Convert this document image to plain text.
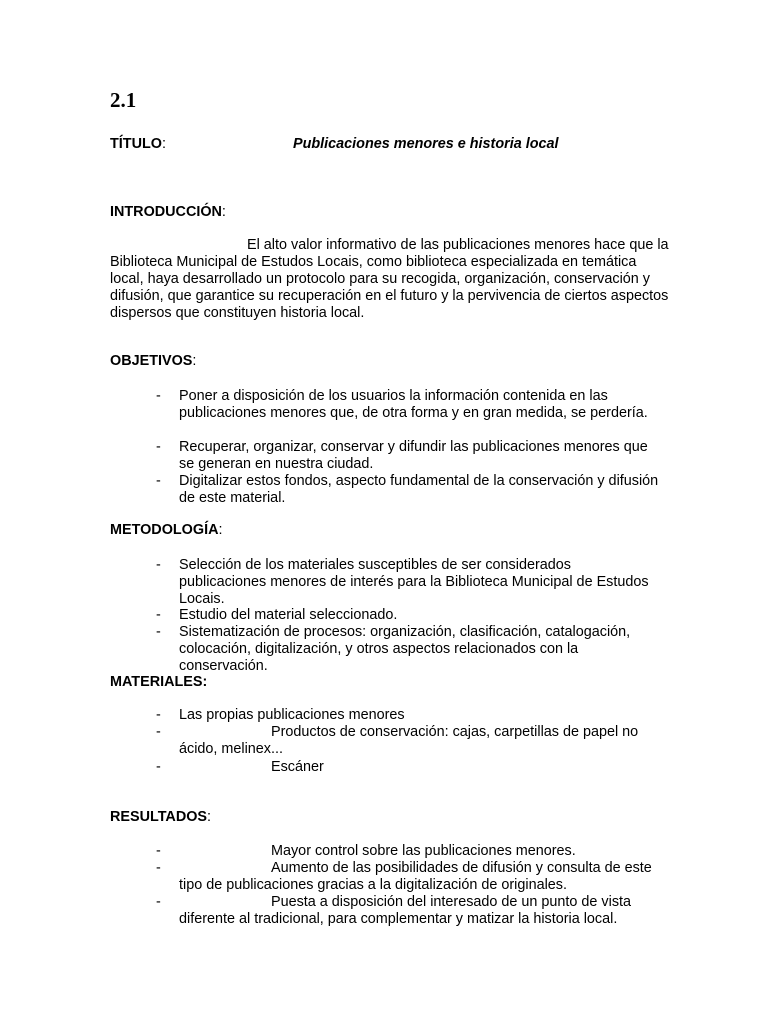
2.1
TÍTULO:	Publicaciones menores e historia local
INTRODUCCIÓN:
El alto valor informativo de las publicaciones menores hace que la Biblioteca Municipal de Estudos Locais, como biblioteca especializada en temática local, haya desarrollado un protocolo para su recogida, organización, conservación y difusión, que garantice su recuperación en el futuro y la pervivencia de ciertos aspectos dispersos que constituyen historia local.
OBJETIVOS:
- Poner a disposición de los usuarios la información contenida en las publicaciones menores que, de otra forma y en gran medida, se perdería.
- Recuperar, organizar, conservar y difundir las publicaciones menores que se generan en nuestra ciudad.
- Digitalizar estos fondos, aspecto fundamental de la conservación y difusión de este material.
METODOLOGÍA:
- Selección de los materiales susceptibles de ser considerados publicaciones menores de interés para la Biblioteca Municipal de Estudos Locais.
- Estudio del material seleccionado.
- Sistematización de procesos: organización, clasificación, catalogación, colocación, digitalización, y otros aspectos relacionados con la conservación.
MATERIALES:
- Las propias publicaciones menores
-	Productos de conservación: cajas, carpetillas de papel no ácido, melinex...
-	Escáner
RESULTADOS:
-	Mayor control sobre las publicaciones menores.
-	Aumento de las posibilidades de difusión y consulta de este tipo de publicaciones gracias a la digitalización de originales.
-	Puesta a disposición del interesado de un punto de vista diferente al tradicional, para complementar y matizar la historia local.
